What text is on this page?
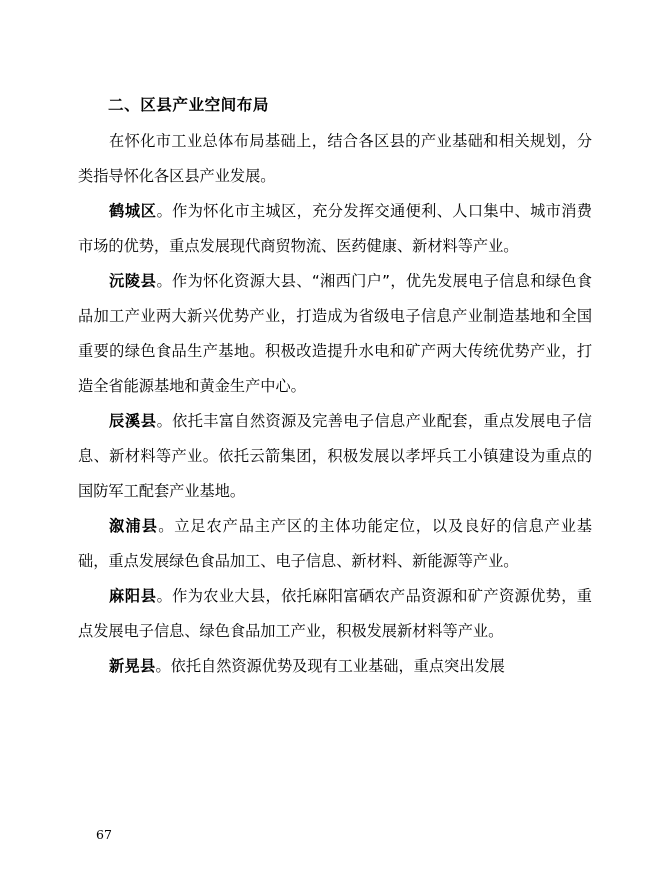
二、区县产业空间布局

在怀化市工业总体布局基础上，结合各区县的产业基础和相关规划，分类指导怀化各区县产业发展。

鹤城区。作为怀化市主城区，充分发挥交通便利、人口集中、城市消费市场的优势，重点发展现代商贸物流、医药健康、新材料等产业。

沅陵县。作为怀化资源大县、“湘西门户”，优先发展电子信息和绿色食品加工产业两大新兴优势产业，打造成为省级电子信息产业制造基地和全国重要的绿色食品生产基地。积极改造提升水电和矿产两大传统优势产业，打造全省能源基地和黄金生产中心。

辰溪县。依托丰富自然资源及完善电子信息产业配套，重点发展电子信息、新材料等产业。依托云箭集团，积极发展以孝坪兵工小镇建设为重点的国防军工配套产业基地。

溆浦县。立足农产品主产区的主体功能定位，以及良好的信息产业基础，重点发展绿色食品加工、电子信息、新材料、新能源等产业。

麻阳县。作为农业大县，依托麻阳富硒农产品资源和矿产资源优势，重点发展电子信息、绿色食品加工产业，积极发展新材料等产业。

新晃县。依托自然资源优势及现有工业基础，重点突出发展

67
